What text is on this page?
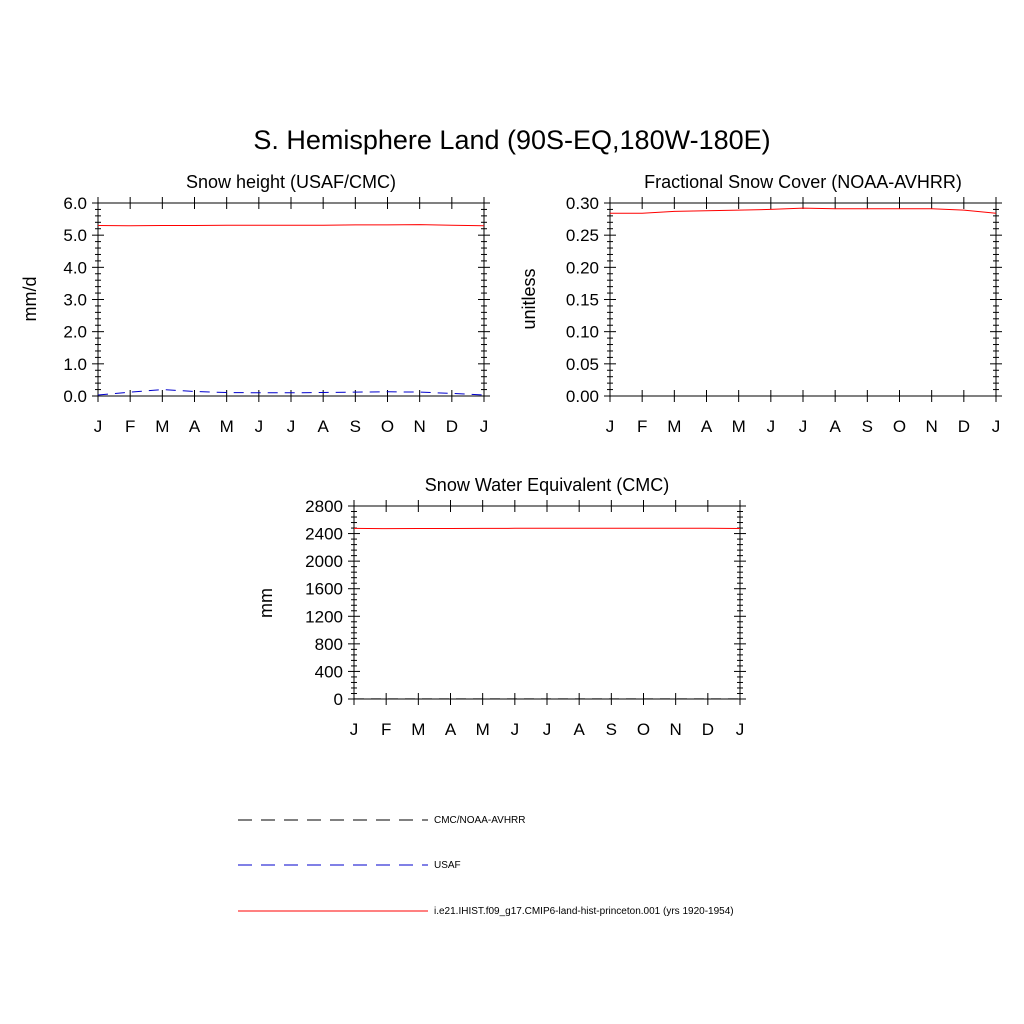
S. Hemisphere Land (90S-EQ,180W-180E)
Snow height (USAF/CMC)
mm/d
0.0
1.0
2.0
3.0
4.0
5.0
6.0
J F M A M J J A S O N D J
Fractional Snow Cover (NOAA-AVHRR)
unitless
0.00
0.05
0.10
0.15
0.20
0.25
0.30
J F M A M J J A S O N D J
Snow Water Equivalent (CMC)
mm
0
400
800
1200
1600
2000
2400
2800
J F M A M J J A S O N D J
CMC/NOAA-AVHRR
USAF
i.e21.IHIST.f09_g17.CMIP6-land-hist-princeton.001 (yrs 1920-1954)
